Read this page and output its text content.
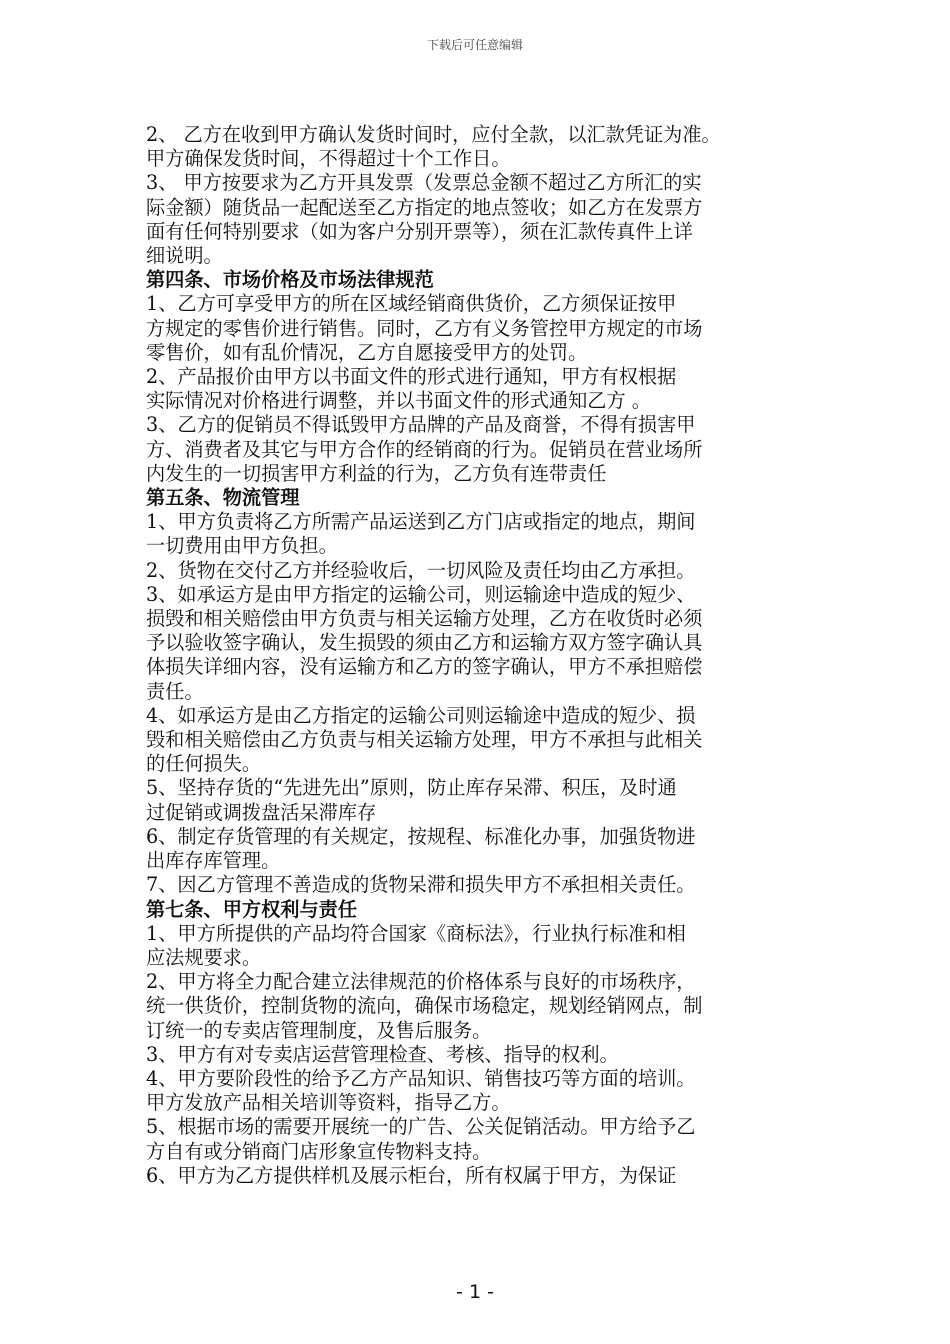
下载后可任意编辑

2、 乙方在收到甲方确认发货时间时，应付全款，以汇款凭证为准。

甲方确保发货时间，不得超过十个工作日。

3、 甲方按要求为乙方开具发票（发票总金额不超过乙方所汇的实

际金额）随货品一起配送至乙方指定的地点签收；如乙方在发票方

面有任何特别要求（如为客户分别开票等），须在汇款传真件上详

细说明。

第四条、市场价格及市场法律规范

1、乙方可享受甲方的所在区域经销商供货价，乙方须保证按甲

方规定的零售价进行销售。同时，乙方有义务管控甲方规定的市场

零售价，如有乱价情况，乙方自愿接受甲方的处罚。

2、产品报价由甲方以书面文件的形式进行通知，甲方有权根据

实际情况对价格进行调整，并以书面文件的形式通知乙方 。

3、乙方的促销员不得诋毁甲方品牌的产品及商誉，不得有损害甲

方、消费者及其它与甲方合作的经销商的行为。促销员在营业场所

内发生的一切损害甲方利益的行为，乙方负有连带责任

第五条、物流管理

1、甲方负责将乙方所需产品运送到乙方门店或指定的地点，期间

一切费用由甲方负担。

2、货物在交付乙方并经验收后，一切风险及责任均由乙方承担。

3、如承运方是由甲方指定的运输公司，则运输途中造成的短少、

损毁和相关赔偿由甲方负责与相关运输方处理，乙方在收货时必须

予以验收签字确认，发生损毁的须由乙方和运输方双方签字确认具

体损失详细内容，没有运输方和乙方的签字确认，甲方不承担赔偿

责任。

4、如承运方是由乙方指定的运输公司则运输途中造成的短少、损

毁和相关赔偿由乙方负责与相关运输方处理，甲方不承担与此相关

的任何损失。

5、坚持存货的“先进先出”原则，防止库存呆滞、积压，及时通

过促销或调拨盘活呆滞库存

6、制定存货管理的有关规定，按规程、标准化办事，加强货物进

出库存库管理。

7、因乙方管理不善造成的货物呆滞和损失甲方不承担相关责任。

第七条、甲方权利与责任

1、甲方所提供的产品均符合国家《商标法》，行业执行标准和相

应法规要求。

2、甲方将全力配合建立法律规范的价格体系与良好的市场秩序，

统一供货价，控制货物的流向，确保市场稳定，规划经销网点，制

订统一的专卖店管理制度，及售后服务。

3、甲方有对专卖店运营管理检查、考核、指导的权利。

4、甲方要阶段性的给予乙方产品知识、销售技巧等方面的培训。

甲方发放产品相关培训等资料，指导乙方。

5、根据市场的需要开展统一的广告、公关促销活动。甲方给予乙

方自有或分销商门店形象宣传物料支持。

6、甲方为乙方提供样机及展示柜台，所有权属于甲方，为保证

- 1 -
